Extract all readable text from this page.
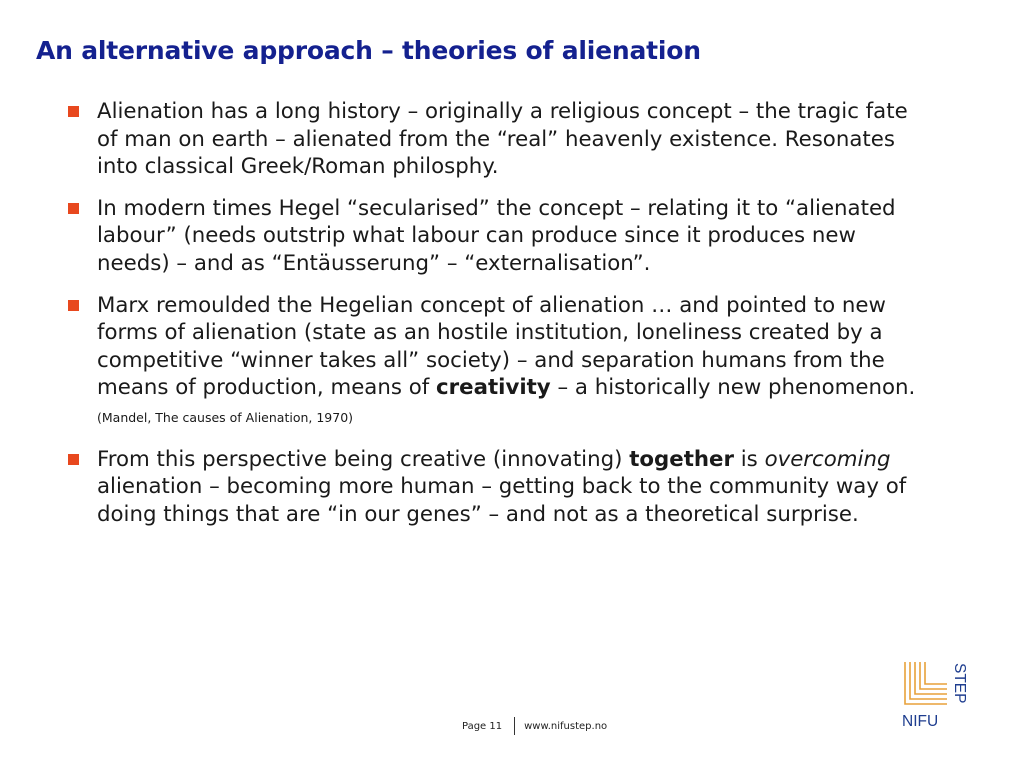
An alternative approach – theories of alienation
Alienation has a long history – originally a religious concept – the tragic fate of man on earth – alienated from the “real” heavenly existence. Resonates into classical Greek/Roman philosphy.
In modern times Hegel “secularised” the concept – relating it to “alienated labour” (needs outstrip what labour can produce since it produces new needs) – and as “Entäusserung” – “externalisation”.
Marx remoulded the Hegelian concept of alienation … and pointed to new forms of alienation (state as an hostile institution, loneliness created by a competitive “winner takes all” society) – and separation humans from the means of production, means of creativity – a historically new phenomenon. (Mandel, The causes of Alienation, 1970)
From this perspective being creative (innovating) together is overcoming alienation – becoming more human – getting back to the community way of doing things that are “in our genes” – and not as a theoretical surprise.
Page 11 www.nifustep.no	NIFU
STEP
